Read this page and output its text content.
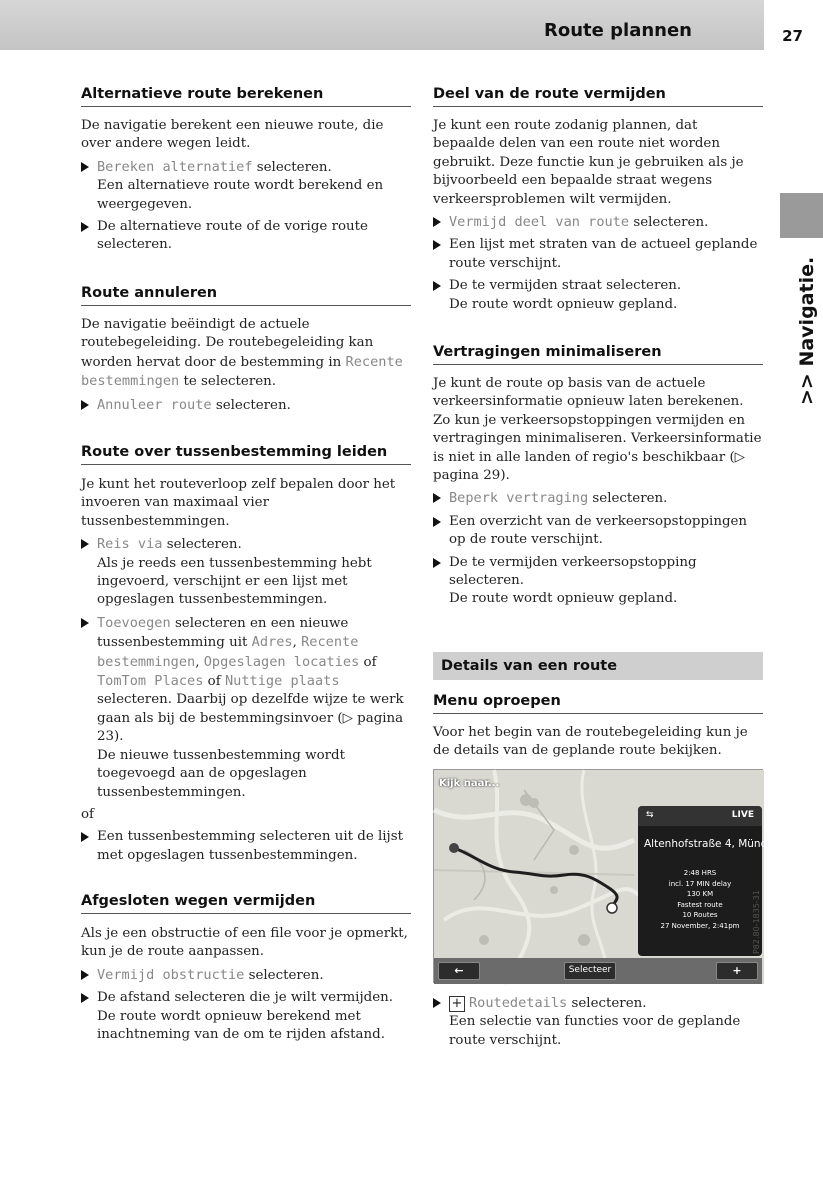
Route plannen	27
>> Navigatie.
Alternatieve route berekenen

De navigatie berekent een nieuwe route, die over andere wegen leidt.

Bereken alternatief selecteren.
Een alternatieve route wordt berekend en weergegeven.
De alternatieve route of de vorige route selecteren.
Route annuleren

De navigatie beëindigt de actuele routebegeleiding. De routebegeleiding kan worden hervat door de bestemming in Recente bestemmingen te selecteren.

Annuleer route selecteren.
Route over tussenbestemming leiden

Je kunt het routeverloop zelf bepalen door het invoeren van maximaal vier tussenbestemmingen.

Reis via selecteren.
Als je reeds een tussenbestemming hebt ingevoerd, verschijnt er een lijst met opgeslagen tussenbestemmingen.
Toevoegen selecteren en een nieuwe tussenbestemming uit Adres, Recente bestemmingen, Opgeslagen locaties of TomTom Places of Nuttige plaats selecteren. Daarbij op dezelfde wijze te werk gaan als bij de bestemmingsinvoer (▷ pagina 23).
De nieuwe tussenbestemming wordt toegevoegd aan de opgeslagen tussenbestemmingen.

of

Een tussenbestemming selecteren uit de lijst met opgeslagen tussenbestemmingen.
Afgesloten wegen vermijden

Als je een obstructie of een file voor je opmerkt, kun je de route aanpassen.

Vermijd obstructie selecteren.
De afstand selecteren die je wilt vermijden.
De route wordt opnieuw berekend met inachtneming van de om te rijden afstand.
Deel van de route vermijden

Je kunt een route zodanig plannen, dat bepaalde delen van een route niet worden gebruikt. Deze functie kun je gebruiken als je bijvoorbeeld een bepaalde straat wegens verkeersproblemen wilt vermijden.

Vermijd deel van route selecteren.
Een lijst met straten van de actueel geplande route verschijnt.
De te vermijden straat selecteren.
De route wordt opnieuw gepland.
Vertragingen minimaliseren

Je kunt de route op basis van de actuele verkeersinformatie opnieuw laten berekenen. Zo kun je verkeersopstoppingen vermijden en vertragingen minimaliseren. Verkeersinformatie is niet in alle landen of regio's beschikbaar (▷ pagina 29).

Beperk vertraging selecteren.
Een overzicht van de verkeersopstoppingen op de route verschijnt.
De te vermijden verkeersopstopping selecteren.
De route wordt opnieuw gepland.
Details van een route
Menu oproepen

Voor het begin van de routebegeleiding kun je de details van de geplande route bekijken.

Kijk naar...
⇆	LIVE
Altenhofstraße 4, Münc...
2:48 HRS
incl. 17 MIN delay
130 KM
Fastest route
10 Routes
27 November, 2:41pm	P82.80-1835-31
←	Selecteer	+
+ Routedetails selecteren.
Een selectie van functies voor de geplande route verschijnt.
